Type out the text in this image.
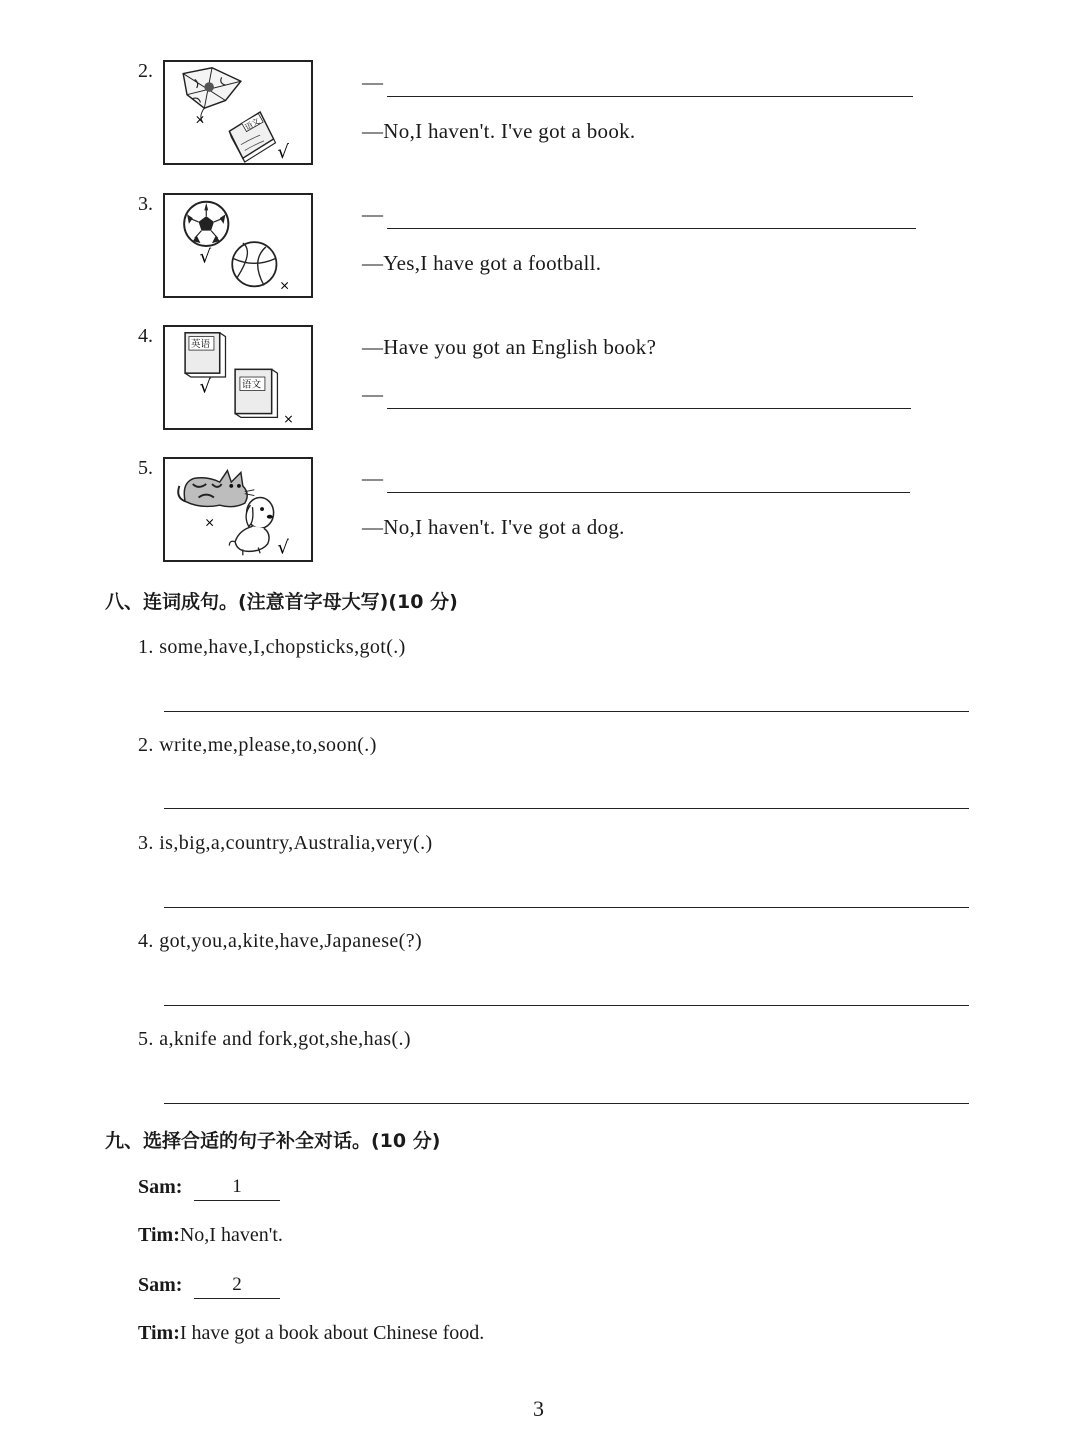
2.
×	语文
√
—
—No,I haven't. I've got a book.
3.
√
×
—
—Yes,I have got a football.
4.	英语
√	语文
×
—Have you got an English book?
—
5.
×
√
—
—No,I haven't. I've got a dog.
八、连词成句。(注意首字母大写)(10 分)
1. some,have,I,chopsticks,got(.)
2. write,me,please,to,soon(.)
3. is,big,a,country,Australia,very(.)
4. got,you,a,kite,have,Japanese(?)
5. a,knife and fork,got,she,has(.)
九、选择合适的句子补全对话。(10 分)
Sam:	1
Tim:No,I haven't.
Sam:	2
Tim:I have got a book about Chinese food.
3
